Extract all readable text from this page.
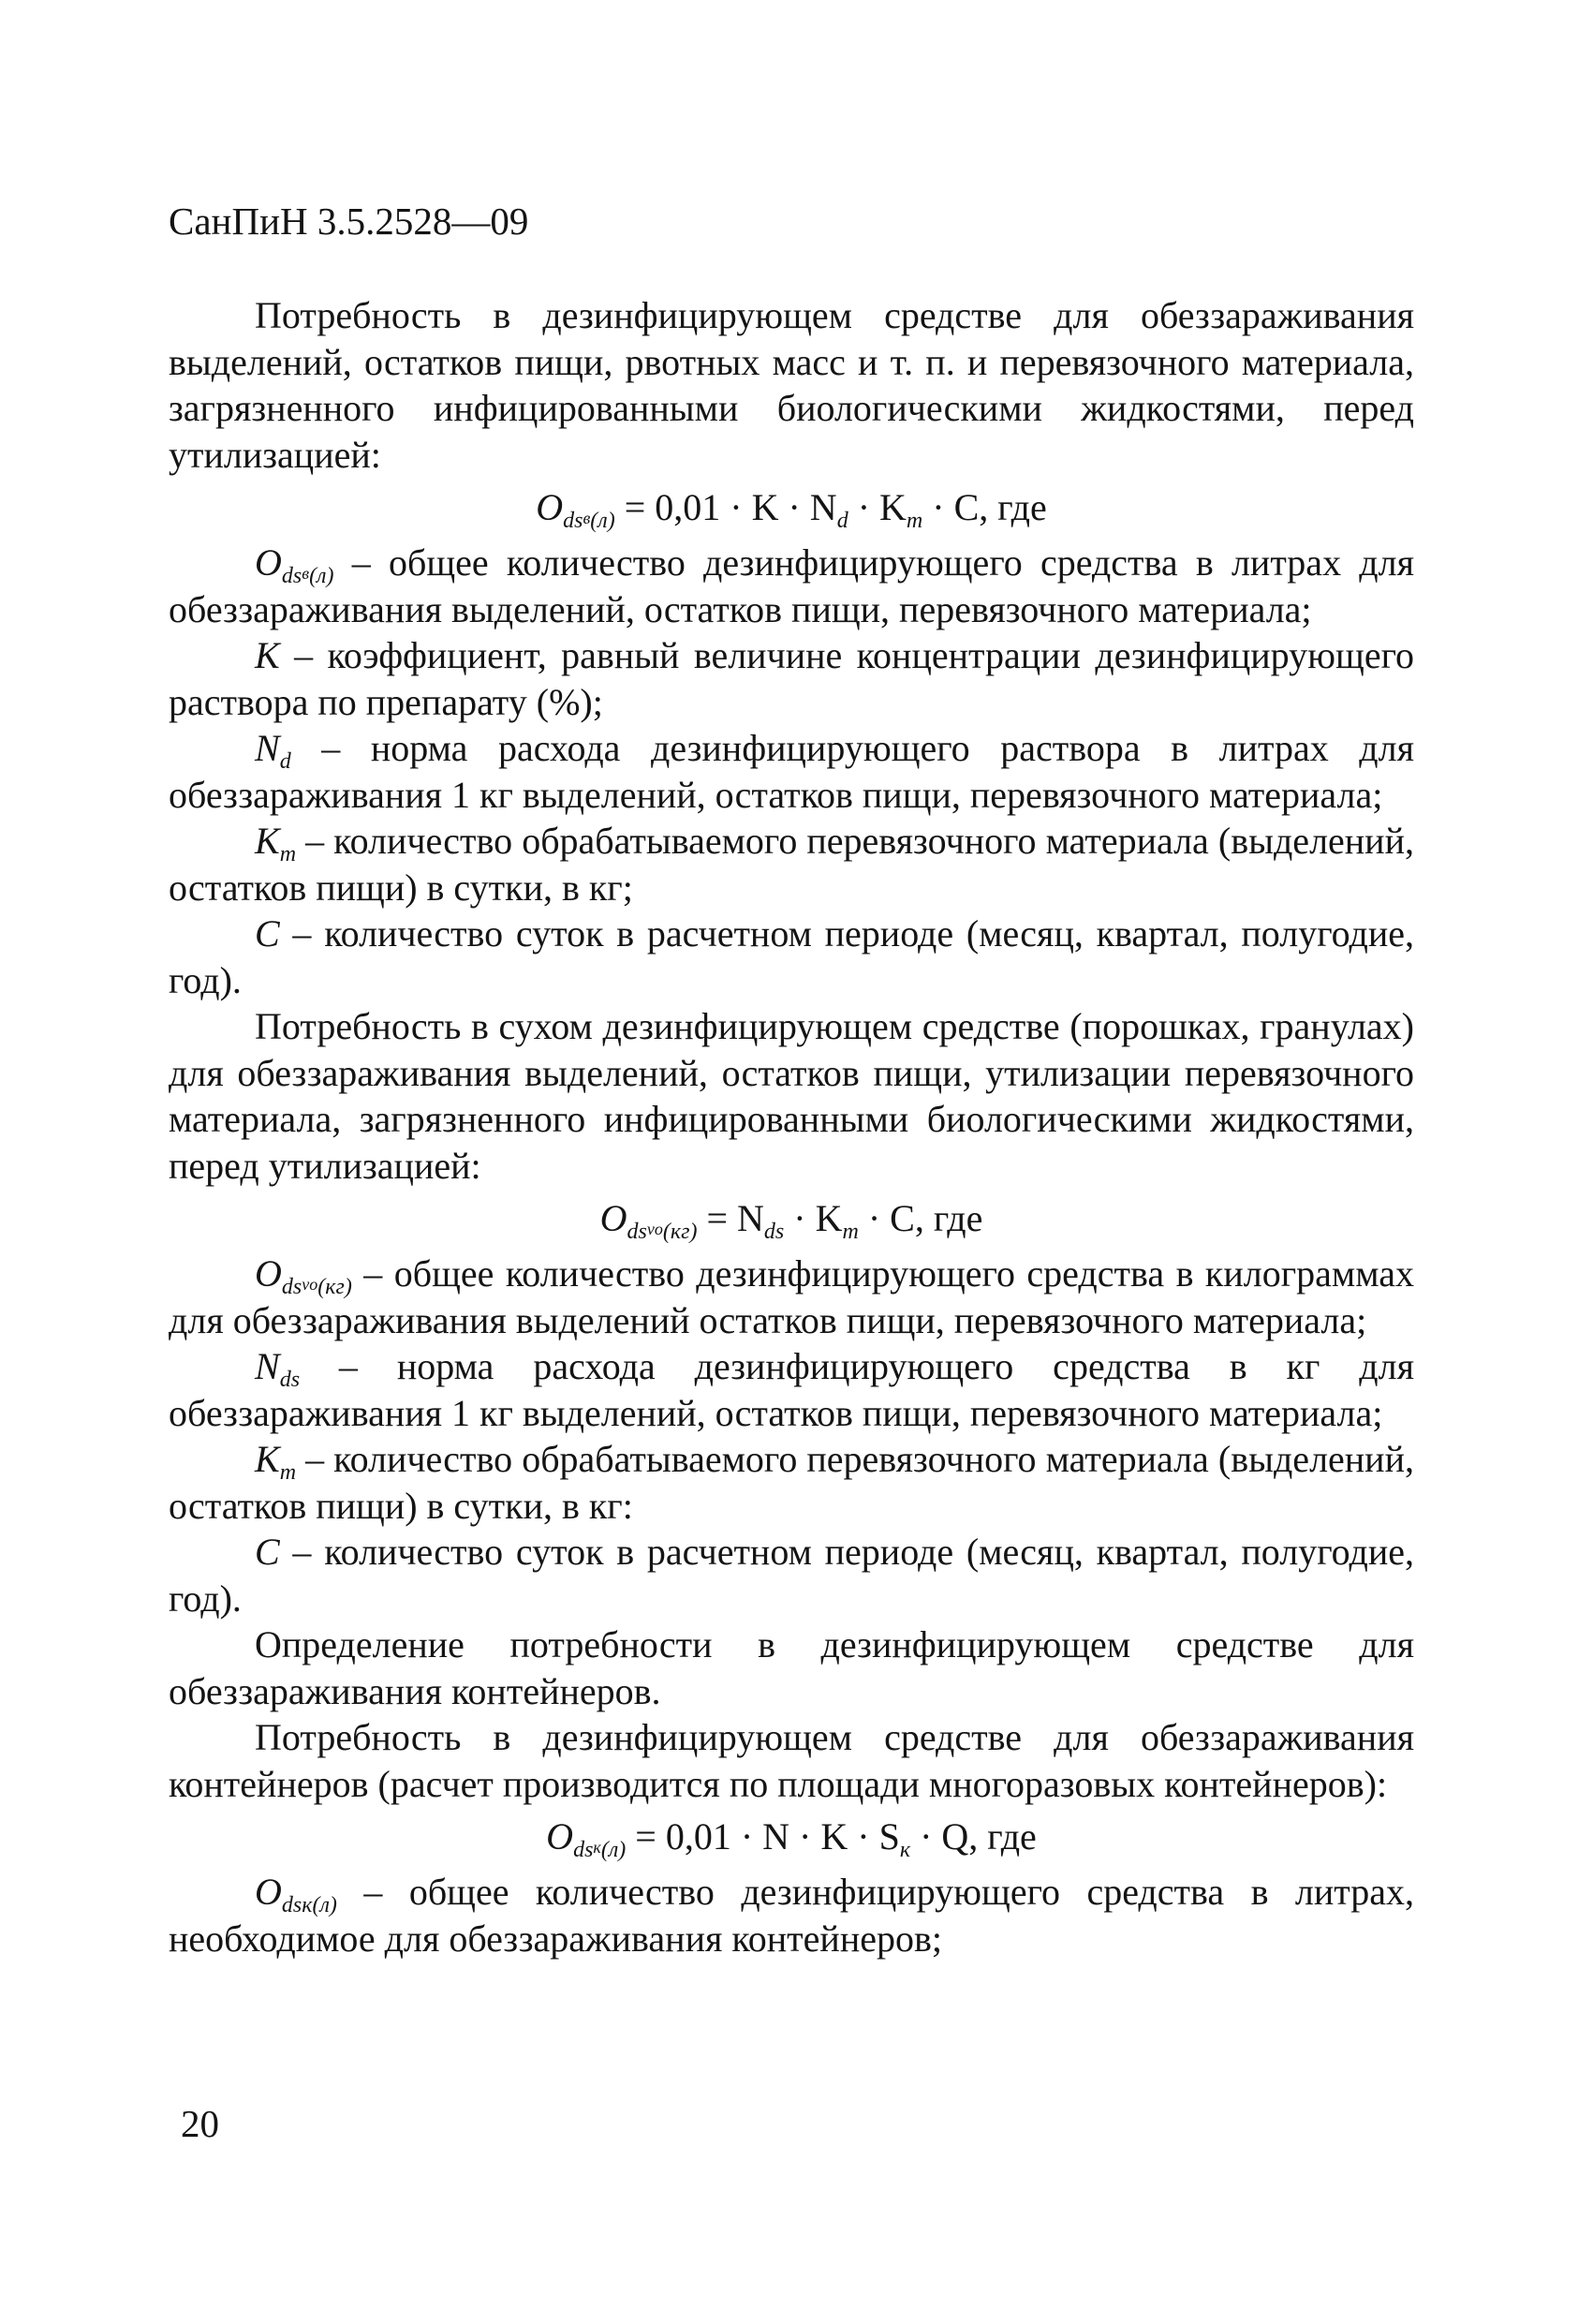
СанПиН 3.5.2528—09

Потребность в дезинфицирующем средстве для обеззараживания выделений, остатков пищи, рвотных масс и т. п. и перевязочного материала, загрязненного инфицированными биологическими жидкостями, перед утилизацией:

$O_{ds}в_{(л)} = 0,01 \cdot K \cdot N_d \cdot K_m \cdot C$, где

$O_{ds}в_{(л)}$ – общее количество дезинфицирующего средства в литрах для обеззараживания выделений, остатков пищи, перевязочного материала;

K – коэффициент, равный величине концентрации дезинфицирующего раствора по препарату (%);

$N_d$ – норма расхода дезинфицирующего раствора в литрах для обеззараживания 1 кг выделений, остатков пищи, перевязочного материала;

$K_m$ – количество обрабатываемого перевязочного материала (выделений, остатков пищи) в сутки, в кг;

C – количество суток в расчетном периоде (месяц, квартал, полугодие, год).

Потребность в сухом дезинфицирующем средстве (порошках, гранулах) для обеззараживания выделений, остатков пищи, утилизации перевязочного материала, загрязненного инфицированными биологическими жидкостями, перед утилизацией:

$O_{ds}vo_{(кг)} = N_{ds} \cdot K_m \cdot C$, где

$O_{ds}vo_{(кг)}$ – общее количество дезинфицирующего средства в килограммах для обеззараживания выделений остатков пищи, перевязочного материала;

$N_{ds}$ – норма расхода дезинфицирующего средства в кг для обеззараживания 1 кг выделений, остатков пищи, перевязочного материала;

$K_m$ – количество обрабатываемого перевязочного материала (выделений, остатков пищи) в сутки, в кг:

C – количество суток в расчетном периоде (месяц, квартал, полугодие, год).

Определение потребности в дезинфицирующем средстве для обеззараживания контейнеров.

Потребность в дезинфицирующем средстве для обеззараживания контейнеров (расчет производится по площади многоразовых контейнеров):

$O_{ds}к_{(л)} = 0,01 \cdot N \cdot K \cdot S_к \cdot Q$, где

$O_{dsк(л)}$ – общее количество дезинфицирующего средства в литрах, необходимое для обеззараживания контейнеров;

20
